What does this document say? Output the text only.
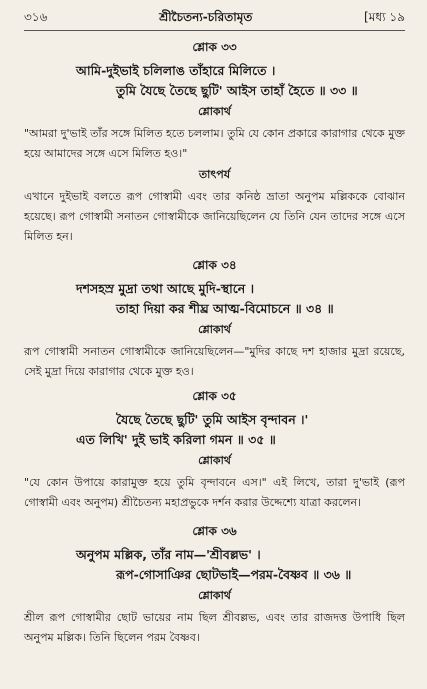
৩১৬	শ্রীচৈতন্য-চরিতামৃত	[মধ্য ১৯
শ্লোক ৩৩
আমি-দুইভাই চলিলাঙ তাঁহারে মিলিতে ।
তুমি যৈছে তৈছে ছুটি' আইস তাহাঁ হৈতে ॥ ৩৩ ॥
শ্লোকার্থ

"আমরা দু'ভাই তাঁর সঙ্গে মিলিত হতে চললাম। তুমি যে কোন প্রকারে কারাগার থেকে মুক্ত হয়ে আমাদের সঙ্গে এসে মিলিত হও।"

তাৎপর্য

এখানে দুইভাই বলতে রূপ গোস্বামী এবং তার কনিষ্ঠ ভ্রাতা অনুপম মল্লিককে বোঝান হয়েছে। রূপ গোস্বামী সনাতন গোস্বামীকে জানিয়েছিলেন যে তিনি যেন তাদের সঙ্গে এসে মিলিত হন।

শ্লোক ৩৪
দশসহস্র মুদ্রা তথা আছে মুদি-স্থানে ।
তাহা দিয়া কর শীঘ্র আত্ম-বিমোচনে ॥ ৩৪ ॥
শ্লোকার্থ

রূপ গোস্বামী সনাতন গোস্বামীকে জানিয়েছিলেন—"মুদির কাছে দশ হাজার মুদ্রা রয়েছে, সেই মুদ্রা দিয়ে কারাগার থেকে মুক্ত হও।

শ্লোক ৩৫
যৈছে তৈছে ছুটি' তুমি আইস বৃন্দাবন ।'
এত লিখি' দুই ভাই করিলা গমন ॥ ৩৫ ॥
শ্লোকার্থ

"যে কোন উপায়ে কারামুক্ত হয়ে তুমি বৃন্দাবনে এস।" এই লিখে, তারা দু'ভাই (রূপ গোস্বামী এবং অনুপম) শ্রীচৈতন্য মহাপ্রভুকে দর্শন করার উদ্দেশ্যে যাত্রা করলেন।

শ্লোক ৩৬
অনুপম মল্লিক, তাঁর নাম—'শ্রীবল্লভ' ।
রূপ-গোসাঞির ছোটভাই—পরম-বৈষ্ণব ॥ ৩৬ ॥
শ্লোকার্থ

শ্রীল রূপ গোস্বামীর ছোট ভায়ের নাম ছিল শ্রীবল্লভ, এবং তার রাজদত্ত উপাধি ছিল অনুপম মল্লিক। তিনি ছিলেন পরম বৈষ্ণব।
